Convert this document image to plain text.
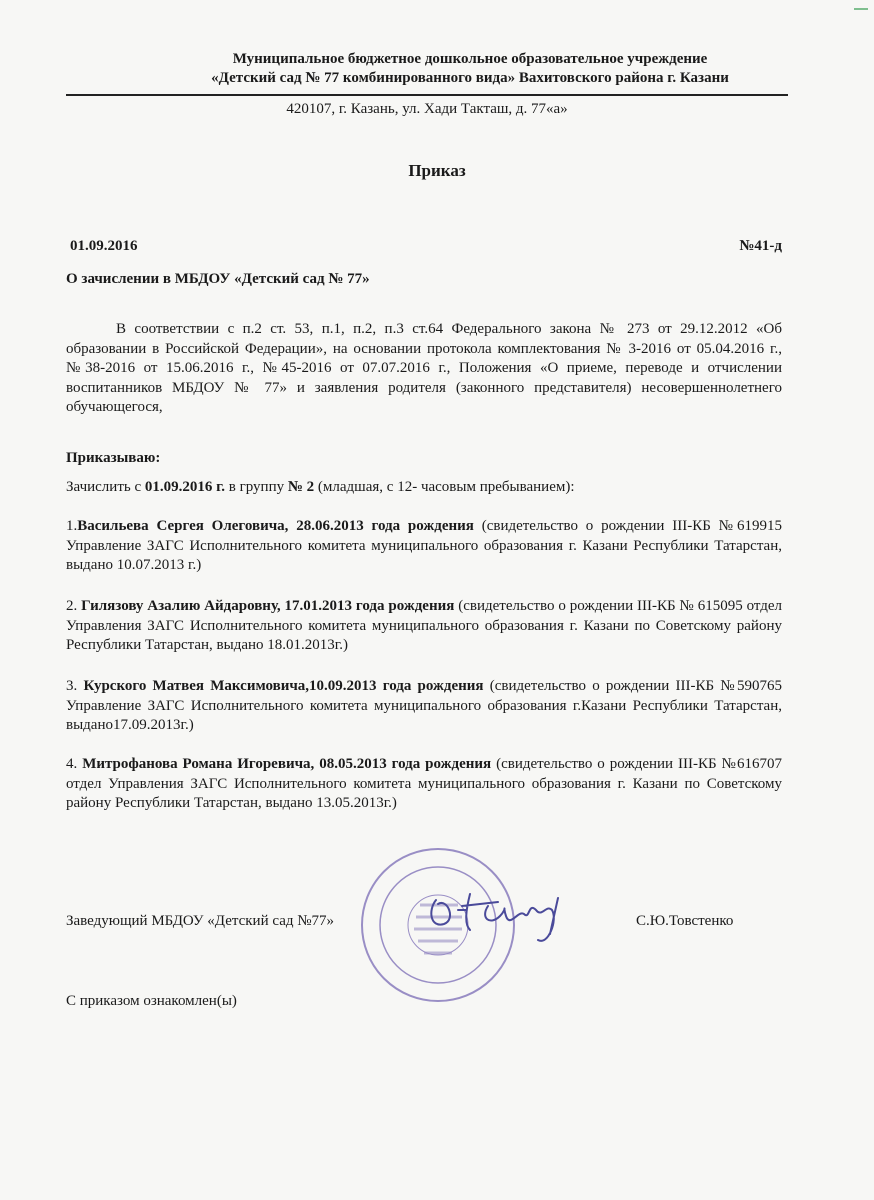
Муниципальное бюджетное дошкольное образовательное учреждение
«Детский сад № 77 комбинированного вида» Вахитовского района г. Казани
420107, г. Казань, ул. Хади Такташ, д. 77«а»
Приказ
01.09.2016	№41-д
О зачислении в МБДОУ «Детский сад № 77»
В соответствии с п.2 ст. 53, п.1, п.2, п.3 ст.64 Федерального закона № 273 от 29.12.2012 «Об образовании в Российской Федерации», на основании протокола комплектования № 3-2016 от 05.04.2016 г., №38-2016 от 15.06.2016 г., №45-2016 от 07.07.2016 г., Положения «О приеме, переводе и отчислении воспитанников МБДОУ № 77» и заявления родителя (законного представителя) несовершеннолетнего обучающегося,
Приказываю:
Зачислить с 01.09.2016 г. в группу № 2 (младшая, с 12- часовым пребыванием):
1.Васильева Сергея Олеговича, 28.06.2013 года рождения (свидетельство о рождении III-КБ №619915 Управление ЗАГС Исполнительного комитета муниципального образования г. Казани Республики Татарстан, выдано 10.07.2013 г.)
2. Гилязову Азалию Айдаровну, 17.01.2013 года рождения (свидетельство о рождении III-КБ № 615095 отдел Управления ЗАГС Исполнительного комитета муниципального образования г. Казани по Советскому району Республики Татарстан, выдано 18.01.2013г.)
3. Курского Матвея Максимовича,10.09.2013 года рождения (свидетельство о рождении III-КБ №590765 Управление ЗАГС Исполнительного комитета муниципального образования г.Казани Республики Татарстан, выдано17.09.2013г.)
4. Митрофанова Романа Игоревича, 08.05.2013 года рождения (свидетельство о рождении III-КБ №616707 отдел Управления ЗАГС Исполнительного комитета муниципального образования г. Казани по Советскому району Республики Татарстан, выдано 13.05.2013г.)
Заведующий МБДОУ «Детский сад №77»	С.Ю.Товстенко
С приказом ознакомлен(ы)
